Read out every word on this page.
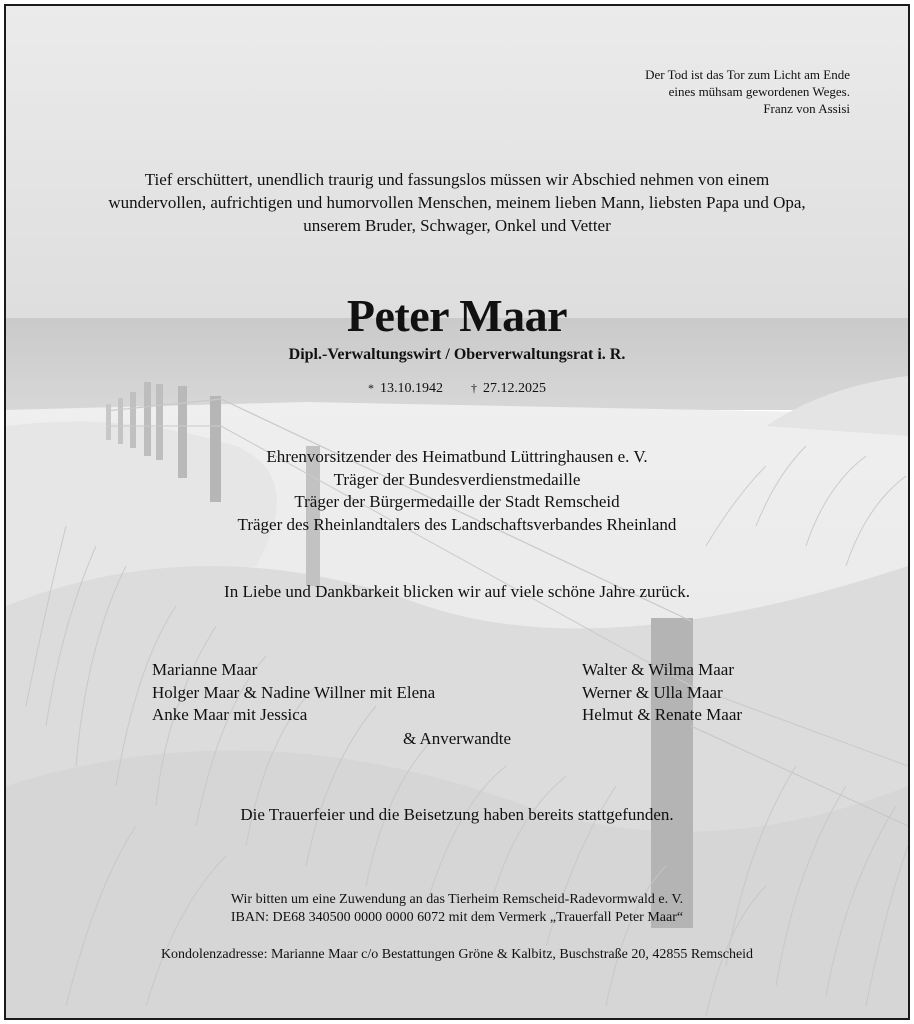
Der Tod ist das Tor zum Licht am Ende
eines mühsam gewordenen Weges.
Franz von Assisi
Tief erschüttert, unendlich traurig und fassungslos müssen wir Abschied nehmen von einem
wundervollen, aufrichtigen und humorvollen Menschen, meinem lieben Mann, liebsten Papa und Opa,
unserem Bruder, Schwager, Onkel und Vetter
Peter Maar
Dipl.-Verwaltungswirt / Oberverwaltungsrat i. R.
* 13.10.1942 † 27.12.2025
Ehrenvorsitzender des Heimatbund Lüttringhausen e. V.
Träger der Bundesverdienstmedaille
Träger der Bürgermedaille der Stadt Remscheid
Träger des Rheinlandtalers des Landschaftsverbandes Rheinland
In Liebe und Dankbarkeit blicken wir auf viele schöne Jahre zurück.
Marianne Maar
Holger Maar & Nadine Willner mit Elena
Anke Maar mit Jessica
Walter & Wilma Maar
Werner & Ulla Maar
Helmut & Renate Maar
& Anverwandte
Die Trauerfeier und die Beisetzung haben bereits stattgefunden.
Wir bitten um eine Zuwendung an das Tierheim Remscheid-Radevormwald e. V.
IBAN: DE68 340500 0000 0000 6072 mit dem Vermerk „Trauerfall Peter Maar“
Kondolenzadresse: Marianne Maar c/o Bestattungen Gröne & Kalbitz, Buschstraße 20, 42855 Remscheid
